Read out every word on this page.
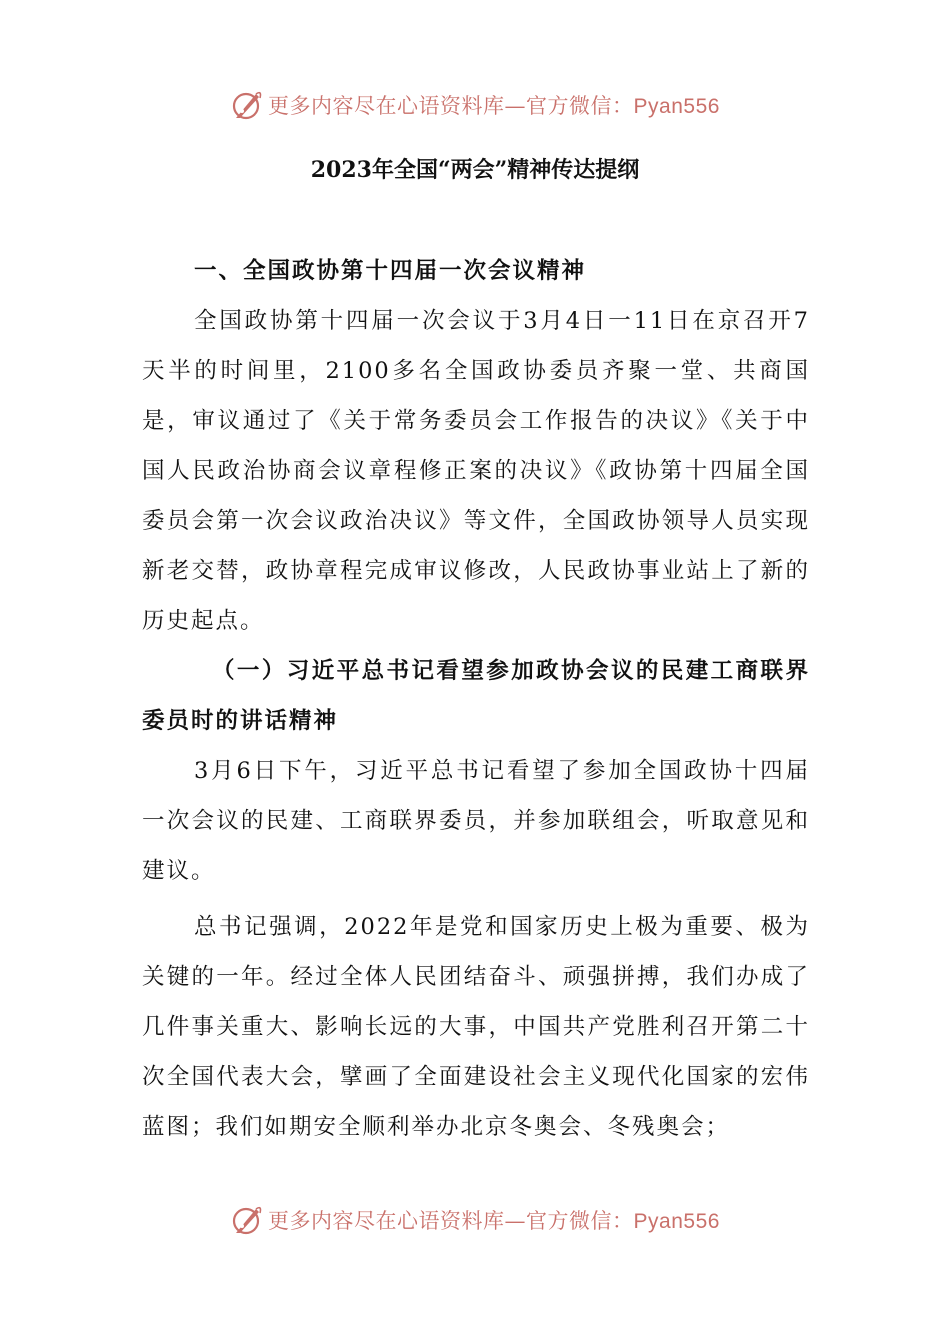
更多内容尽在心语资料库—官方微信：Pyan556
2023年全国“两会”精神传达提纲
一、全国政协第十四届一次会议精神

全国政协第十四届一次会议于3月4日一11日在京召开7天半的时间里，2100多名全国政协委员齐聚一堂、共商国是，审议通过了《关于常务委员会工作报告的决议》《关于中国人民政治协商会议章程修正案的决议》《政协第十四届全国委员会第一次会议政治决议》等文件，全国政协领导人员实现新老交替，政协章程完成审议修改，人民政协事业站上了新的历史起点。

（一）习近平总书记看望参加政协会议的民建工商联界委员时的讲话精神

3月6日下午，习近平总书记看望了参加全国政协十四届一次会议的民建、工商联界委员，并参加联组会，听取意见和建议。

总书记强调，2022年是党和国家历史上极为重要、极为关键的一年。经过全体人民团结奋斗、顽强拼搏，我们办成了几件事关重大、影响长远的大事，中国共产党胜利召开第二十次全国代表大会，擘画了全面建设社会主义现代化国家的宏伟蓝图；我们如期安全顺利举办北京冬奥会、冬残奥会；

更多内容尽在心语资料库—官方微信：Pyan556
